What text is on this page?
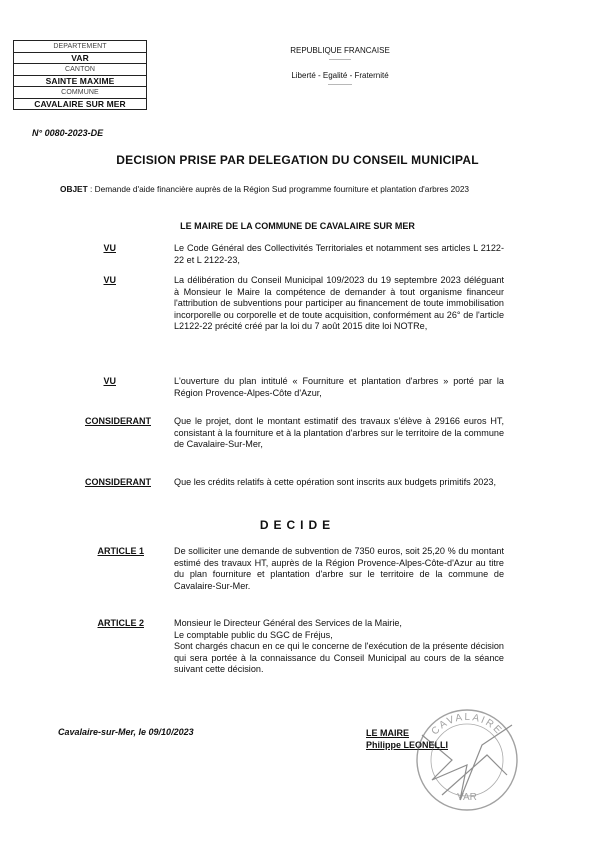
DEPARTEMENT
VAR
CANTON
SAINTE MAXIME
COMMUNE
CAVALAIRE SUR MER
REPUBLIQUE FRANCAISE
-----------
Liberté - Egalité - Fraternité
------------
N° 0080-2023-DE
DECISION PRISE PAR DELEGATION DU CONSEIL MUNICIPAL
OBJET : Demande d'aide financière auprès de la Région Sud programme fourniture et plantation d'arbres 2023
LE MAIRE DE LA COMMUNE DE CAVALAIRE SUR MER
VU	Le Code Général des Collectivités Territoriales et notamment ses articles L 2122-22 et L 2122-23,
VU	La délibération du Conseil Municipal 109/2023 du 19 septembre 2023 déléguant à Monsieur le Maire la compétence de demander à tout organisme financeur l'attribution de subventions pour participer au financement de toute immobilisation incorporelle ou corporelle et de toute acquisition, conformément au 26° de l'article L2122-22 précité créé par la loi du 7 août 2015 dite loi NOTRe,
VU	L'ouverture du plan intitulé « Fourniture et plantation d'arbres » porté par la Région Provence-Alpes-Côte d'Azur,
CONSIDERANT	Que le projet, dont le montant estimatif des travaux s'élève à 29166 euros HT, consistant à la fourniture et à la plantation d'arbres sur le territoire de la commune de Cavalaire-Sur-Mer,
CONSIDERANT	Que les crédits relatifs à cette opération sont inscrits aux budgets primitifs 2023,
DECIDE
ARTICLE 1	De solliciter une demande de subvention de 7350 euros, soit 25,20 % du montant estimé des travaux HT, auprès de la Région Provence-Alpes-Côte-d'Azur au titre du plan fourniture et plantation d'arbre sur le territoire de la commune de Cavalaire-Sur-Mer.
ARTICLE 2	Monsieur le Directeur Général des Services de la Mairie,
Le comptable public du SGC de Fréjus,
Sont chargés chacun en ce qui le concerne de l'exécution de la présente décision qui sera portée à la connaissance du Conseil Municipal au cours de la séance suivant cette décision.
Cavalaire-sur-Mer, le 09/10/2023	LE MAIRE
Philippe LEONELLI
CAVALAIRE
VAR
